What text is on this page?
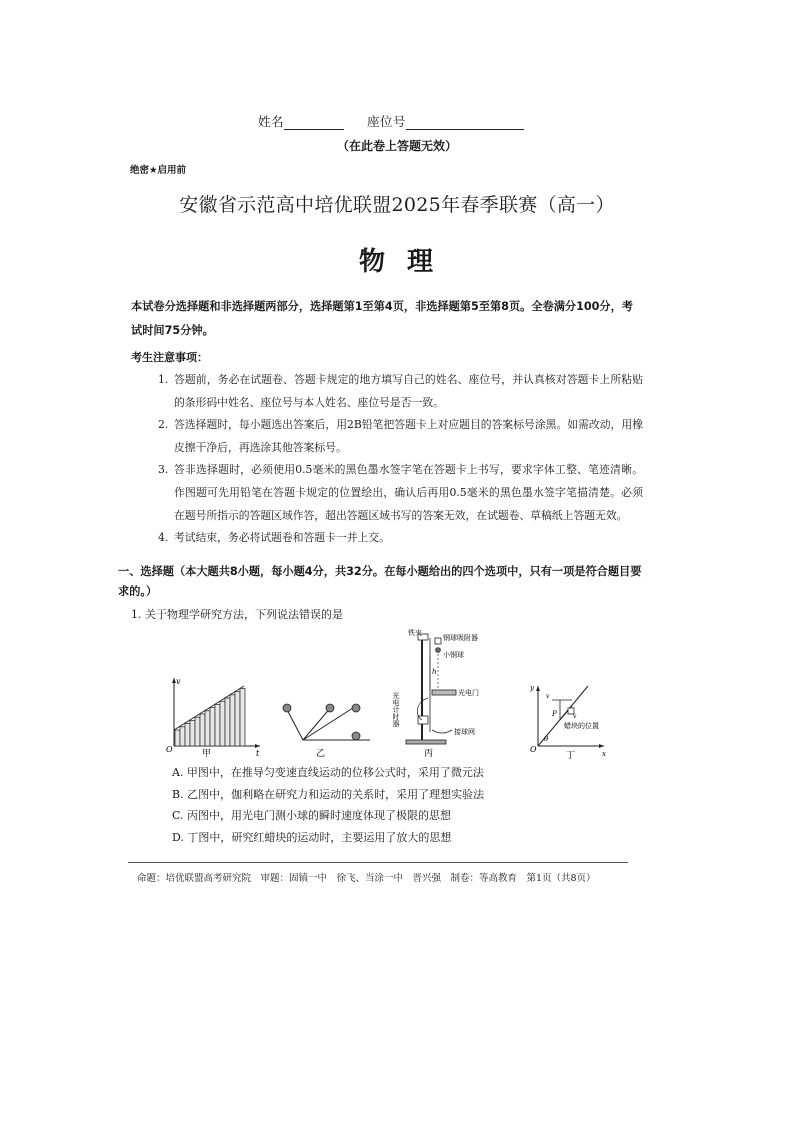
姓名	座位号
（在此卷上答题无效）
绝密★启用前
安徽省示范高中培优联盟2025年春季联赛（高一）
物理
本试卷分选择题和非选择题两部分，选择题第1至第4页，非选择题第5至第8页。全卷满分100分，考试时间75分钟。
考生注意事项：
1. 答题前，务必在试题卷、答题卡规定的地方填写自己的姓名、座位号，并认真核对答题卡上所粘贴的条形码中姓名、座位号与本人姓名、座位号是否一致。
2. 答选择题时，每小题选出答案后，用2B铅笔把答题卡上对应题目的答案标号涂黑。如需改动，用橡皮擦干净后，再选涂其他答案标号。
3. 答非选择题时，必须使用0.5毫米的黑色墨水签字笔在答题卡上书写，要求字体工整、笔迹清晰。作图题可先用铅笔在答题卡规定的位置绘出，确认后再用0.5毫米的黑色墨水签字笔描清楚。必须在题号所指示的答题区域作答，超出答题区域书写的答案无效，在试题卷、草稿纸上答题无效。
4. 考试结束，务必将试题卷和答题卡一并上交。
一、选择题（本大题共8小题，每小题4分，共32分。在每小题给出的四个选项中，只有一项是符合题目要求的。）
1. 关于物理学研究方法，下列说法错误的是
v
t
O	甲	乙
铁夹
钢球吸附器
小钢球
h
光电门
光电计时器
接球网
丙
y
x
O
v
v
P
蜡块的位置
θ
丁
A. 甲图中，在推导匀变速直线运动的位移公式时，采用了微元法
B. 乙图中，伽利略在研究力和运动的关系时，采用了理想实验法
C. 丙图中，用光电门测小球的瞬时速度体现了极限的思想
D. 丁图中，研究红蜡块的运动时，主要运用了放大的思想
命题：培优联盟高考研究院　审题：固镇一中　徐飞、当涂一中　晋兴强　制卷：等高教育　第1页（共8页）
